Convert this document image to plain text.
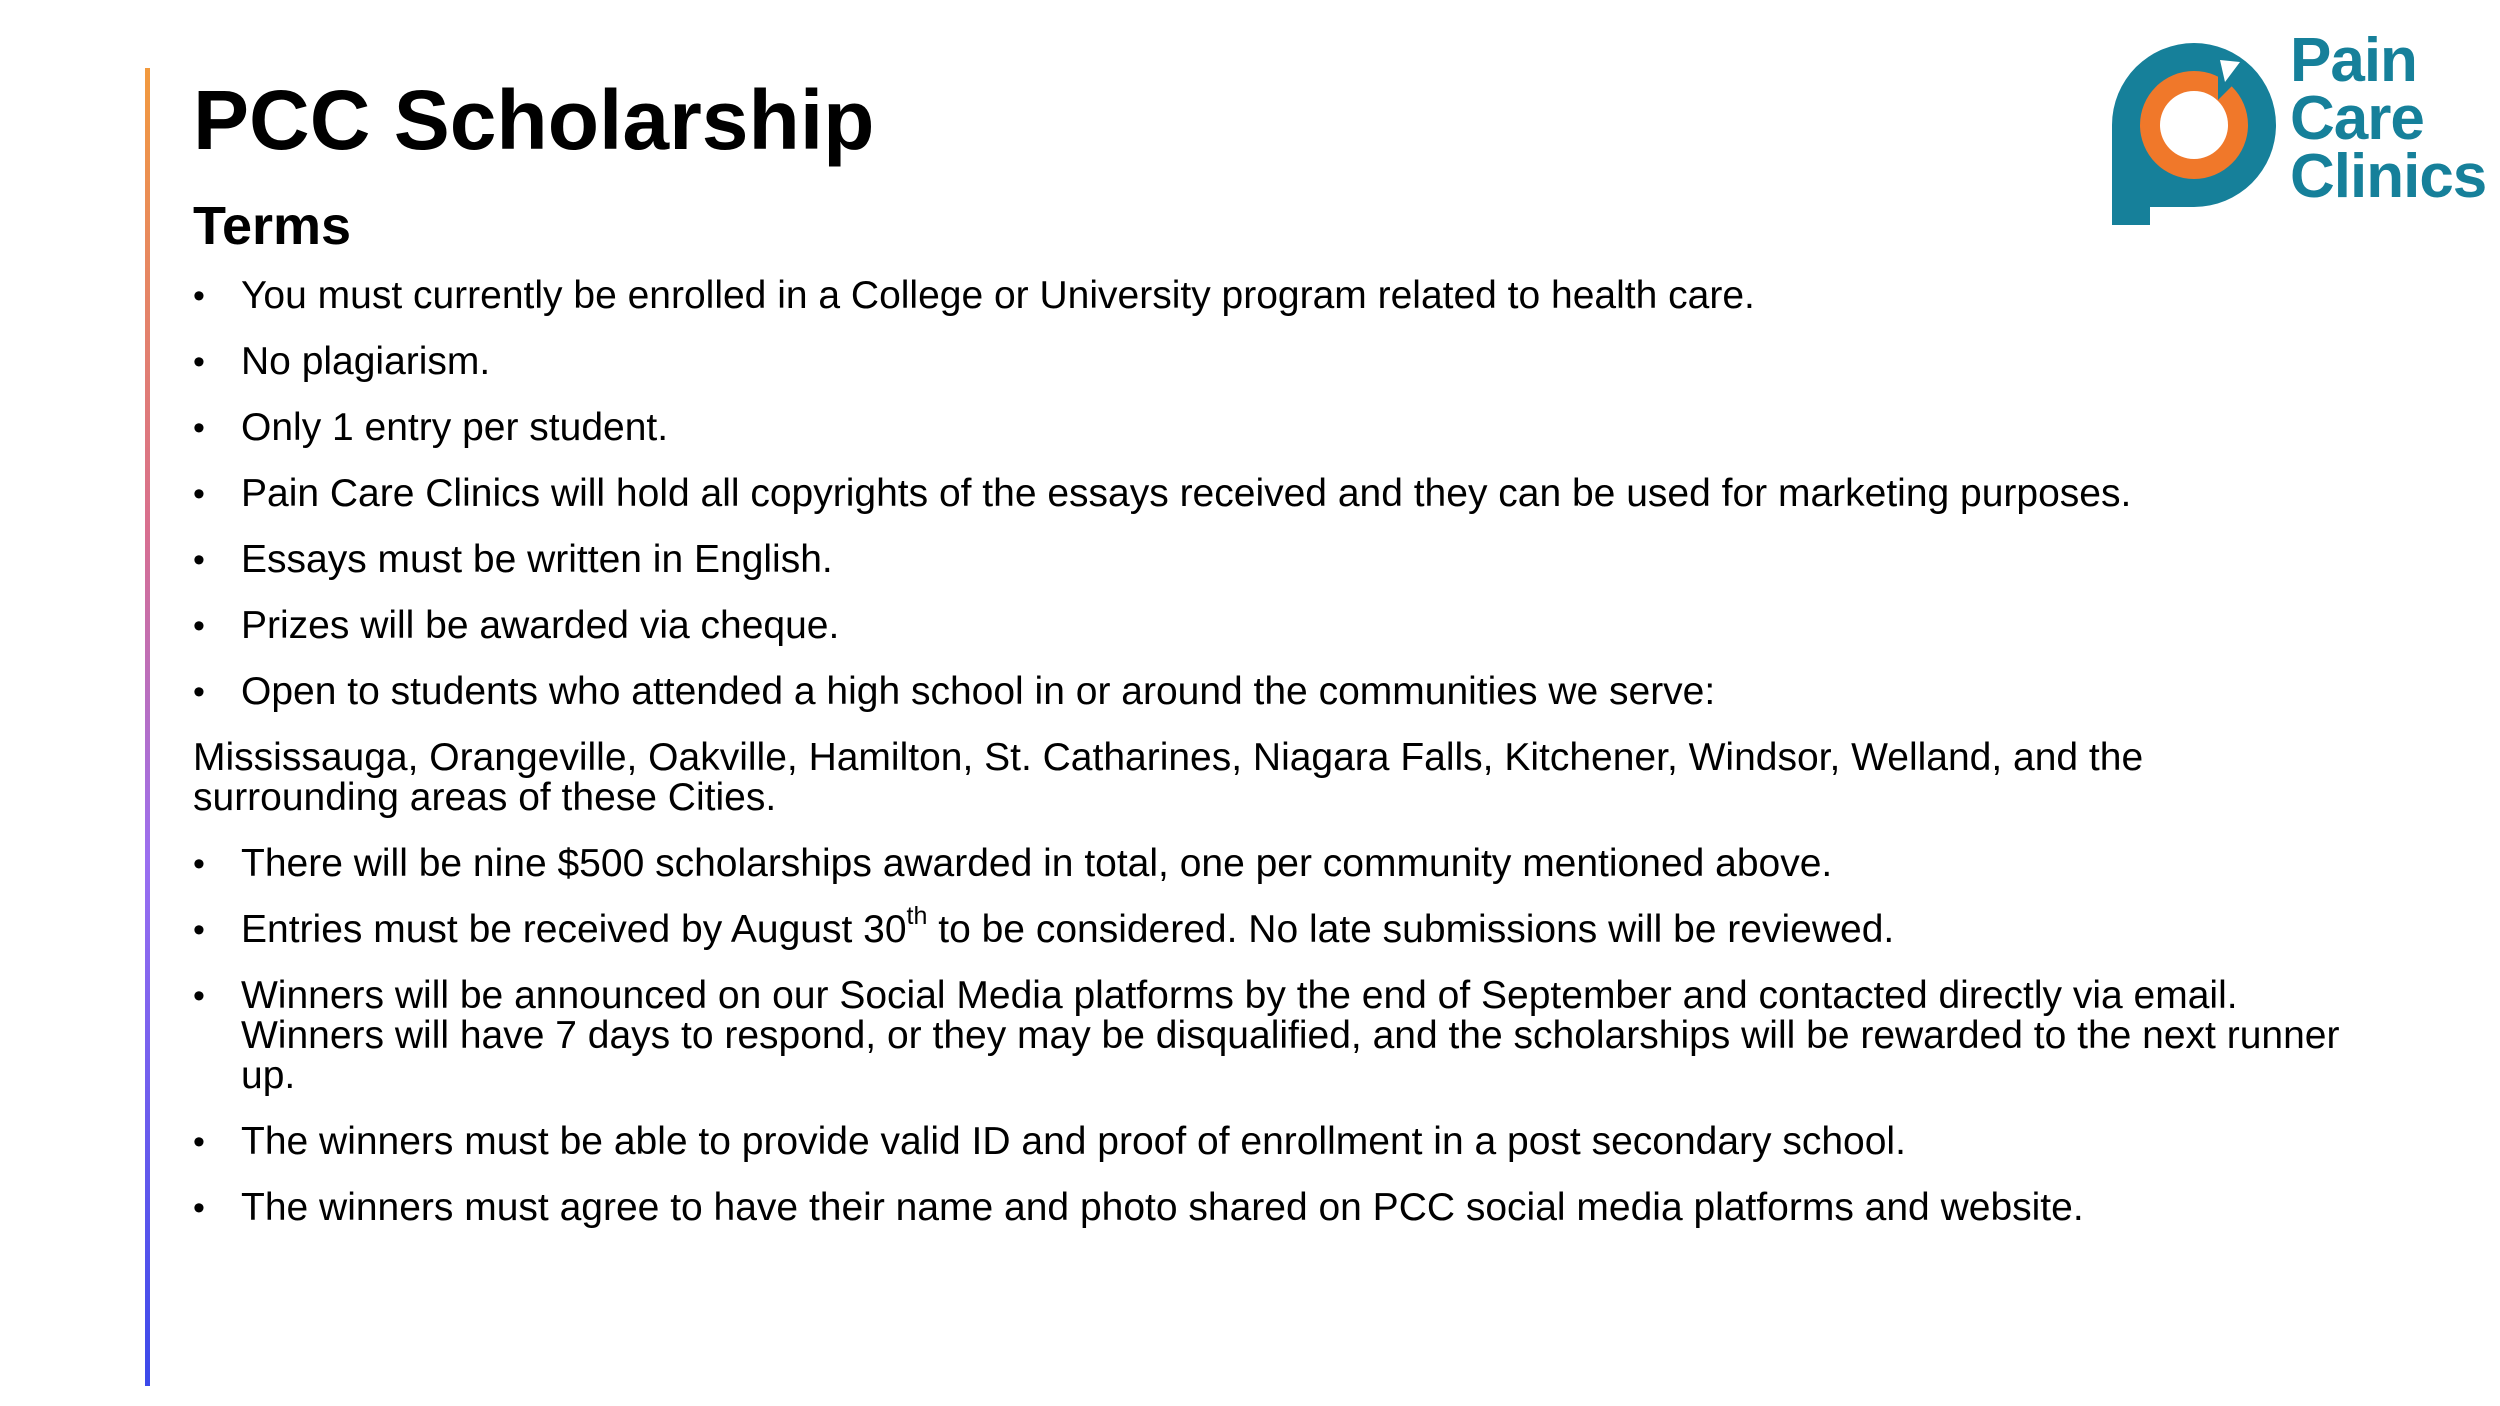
Pain
Care
Clinics
PCC Scholarship
Terms
• You must currently be enrolled in a College or University program related to health care.
• No plagiarism.
• Only 1 entry per student.
• Pain Care Clinics will hold all copyrights of the essays received and they can be used for marketing purposes.
• Essays must be written in English.
• Prizes will be awarded via cheque.
• Open to students who attended a high school in or around the communities we serve:

Mississauga, Orangeville, Oakville, Hamilton, St. Catharines, Niagara Falls, Kitchener, Windsor, Welland, and the surrounding areas of these Cities.

• There will be nine $500 scholarships awarded in total, one per community mentioned above.
• Entries must be received by August 30th to be considered. No late submissions will be reviewed.
• Winners will be announced on our Social Media platforms by the end of September and contacted directly via email. Winners will have 7 days to respond, or they may be disqualified, and the scholarships will be rewarded to the next runner up.
• The winners must be able to provide valid ID and proof of enrollment in a post secondary school.
• The winners must agree to have their name and photo shared on PCC social media platforms and website.
